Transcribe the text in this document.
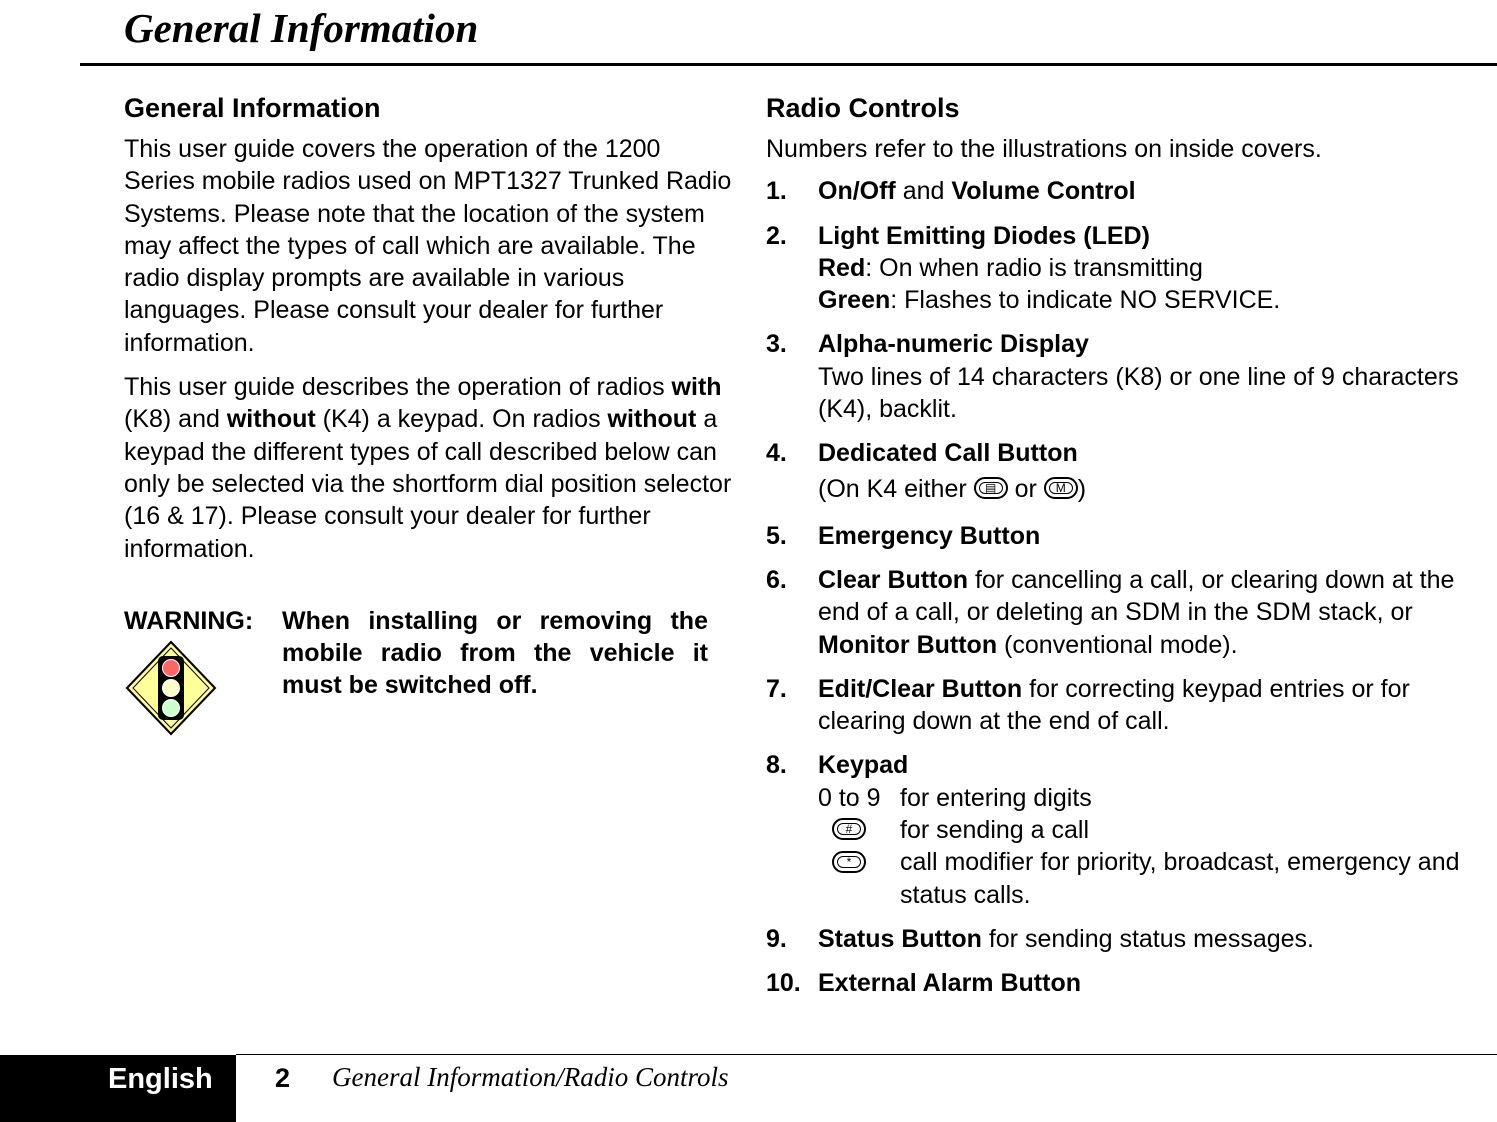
General Information
General Information

This user guide covers the operation of the 1200 Series mobile radios used on MPT1327 Trunked Radio Systems. Please note that the location of the system may affect the types of call which are available. The radio display prompts are available in various languages. Please consult your dealer for further information.

This user guide describes the operation of radios with (K8) and without (K4) a keypad. On radios without a keypad the different types of call described below can only be selected via the shortform dial position selector (16 & 17). Please consult your dealer for further information.

WARNING: When installing or removing the mobile radio from the vehicle it must be switched off.
Radio Controls

Numbers refer to the illustrations on inside covers.

1. On/Off and Volume Control
2. Light Emitting Diodes (LED)
Red: On when radio is transmitting
Green: Flashes to indicate NO SERVICE.
3. Alpha-numeric Display
Two lines of 14 characters (K8) or one line of 9 characters (K4), backlit.
4. Dedicated Call Button
(On K4 either ▤ or	M )
5. Emergency Button
6. Clear Button for cancelling a call, or clearing down at the end of a call, or deleting an SDM in the SDM stack, or
Monitor Button (conventional mode).
7. Edit/Clear Button for correcting keypad entries or for clearing down at the end of call.
8. Keypad
0 to 9 for entering digits
#	for sending a call
*	call modifier for priority, broadcast, emergency and status calls.
9. Status Button for sending status messages.
10. External Alarm Button
English	2 General Information/Radio Controls
